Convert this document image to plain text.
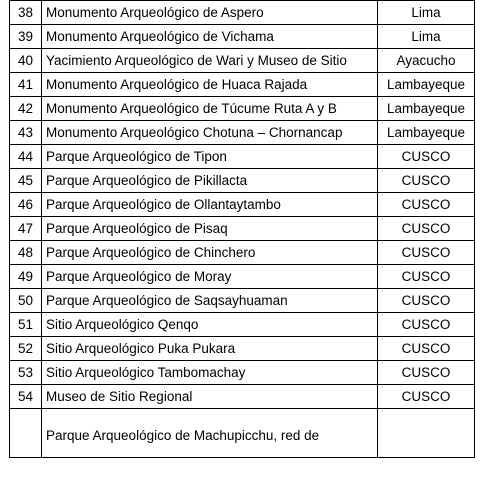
38	Monumento Arqueológico de Aspero	Lima
39	Monumento Arqueológico de Vichama	Lima
40	Yacimiento Arqueológico de Wari y Museo de Sitio	Ayacucho
41	Monumento Arqueológico de Huaca Rajada	Lambayeque
42	Monumento Arqueológico de Túcume Ruta A y B	Lambayeque
43	Monumento Arqueológico Chotuna – Chornancap	Lambayeque
44	Parque Arqueológico de Tipon	CUSCO
45	Parque Arqueológico de Pikillacta	CUSCO
46	Parque Arqueológico de Ollantaytambo	CUSCO
47	Parque Arqueológico de Pisaq	CUSCO
48	Parque Arqueológico de Chinchero	CUSCO
49	Parque Arqueológico de Moray	CUSCO
50	Parque Arqueológico de Saqsayhuaman	CUSCO
51	Sitio Arqueológico Qenqo	CUSCO
52	Sitio Arqueológico Puka Pukara	CUSCO
53	Sitio Arqueológico Tambomachay	CUSCO
54	Museo de Sitio Regional	CUSCO

	Parque Arqueológico de Machupicchu, red de	
